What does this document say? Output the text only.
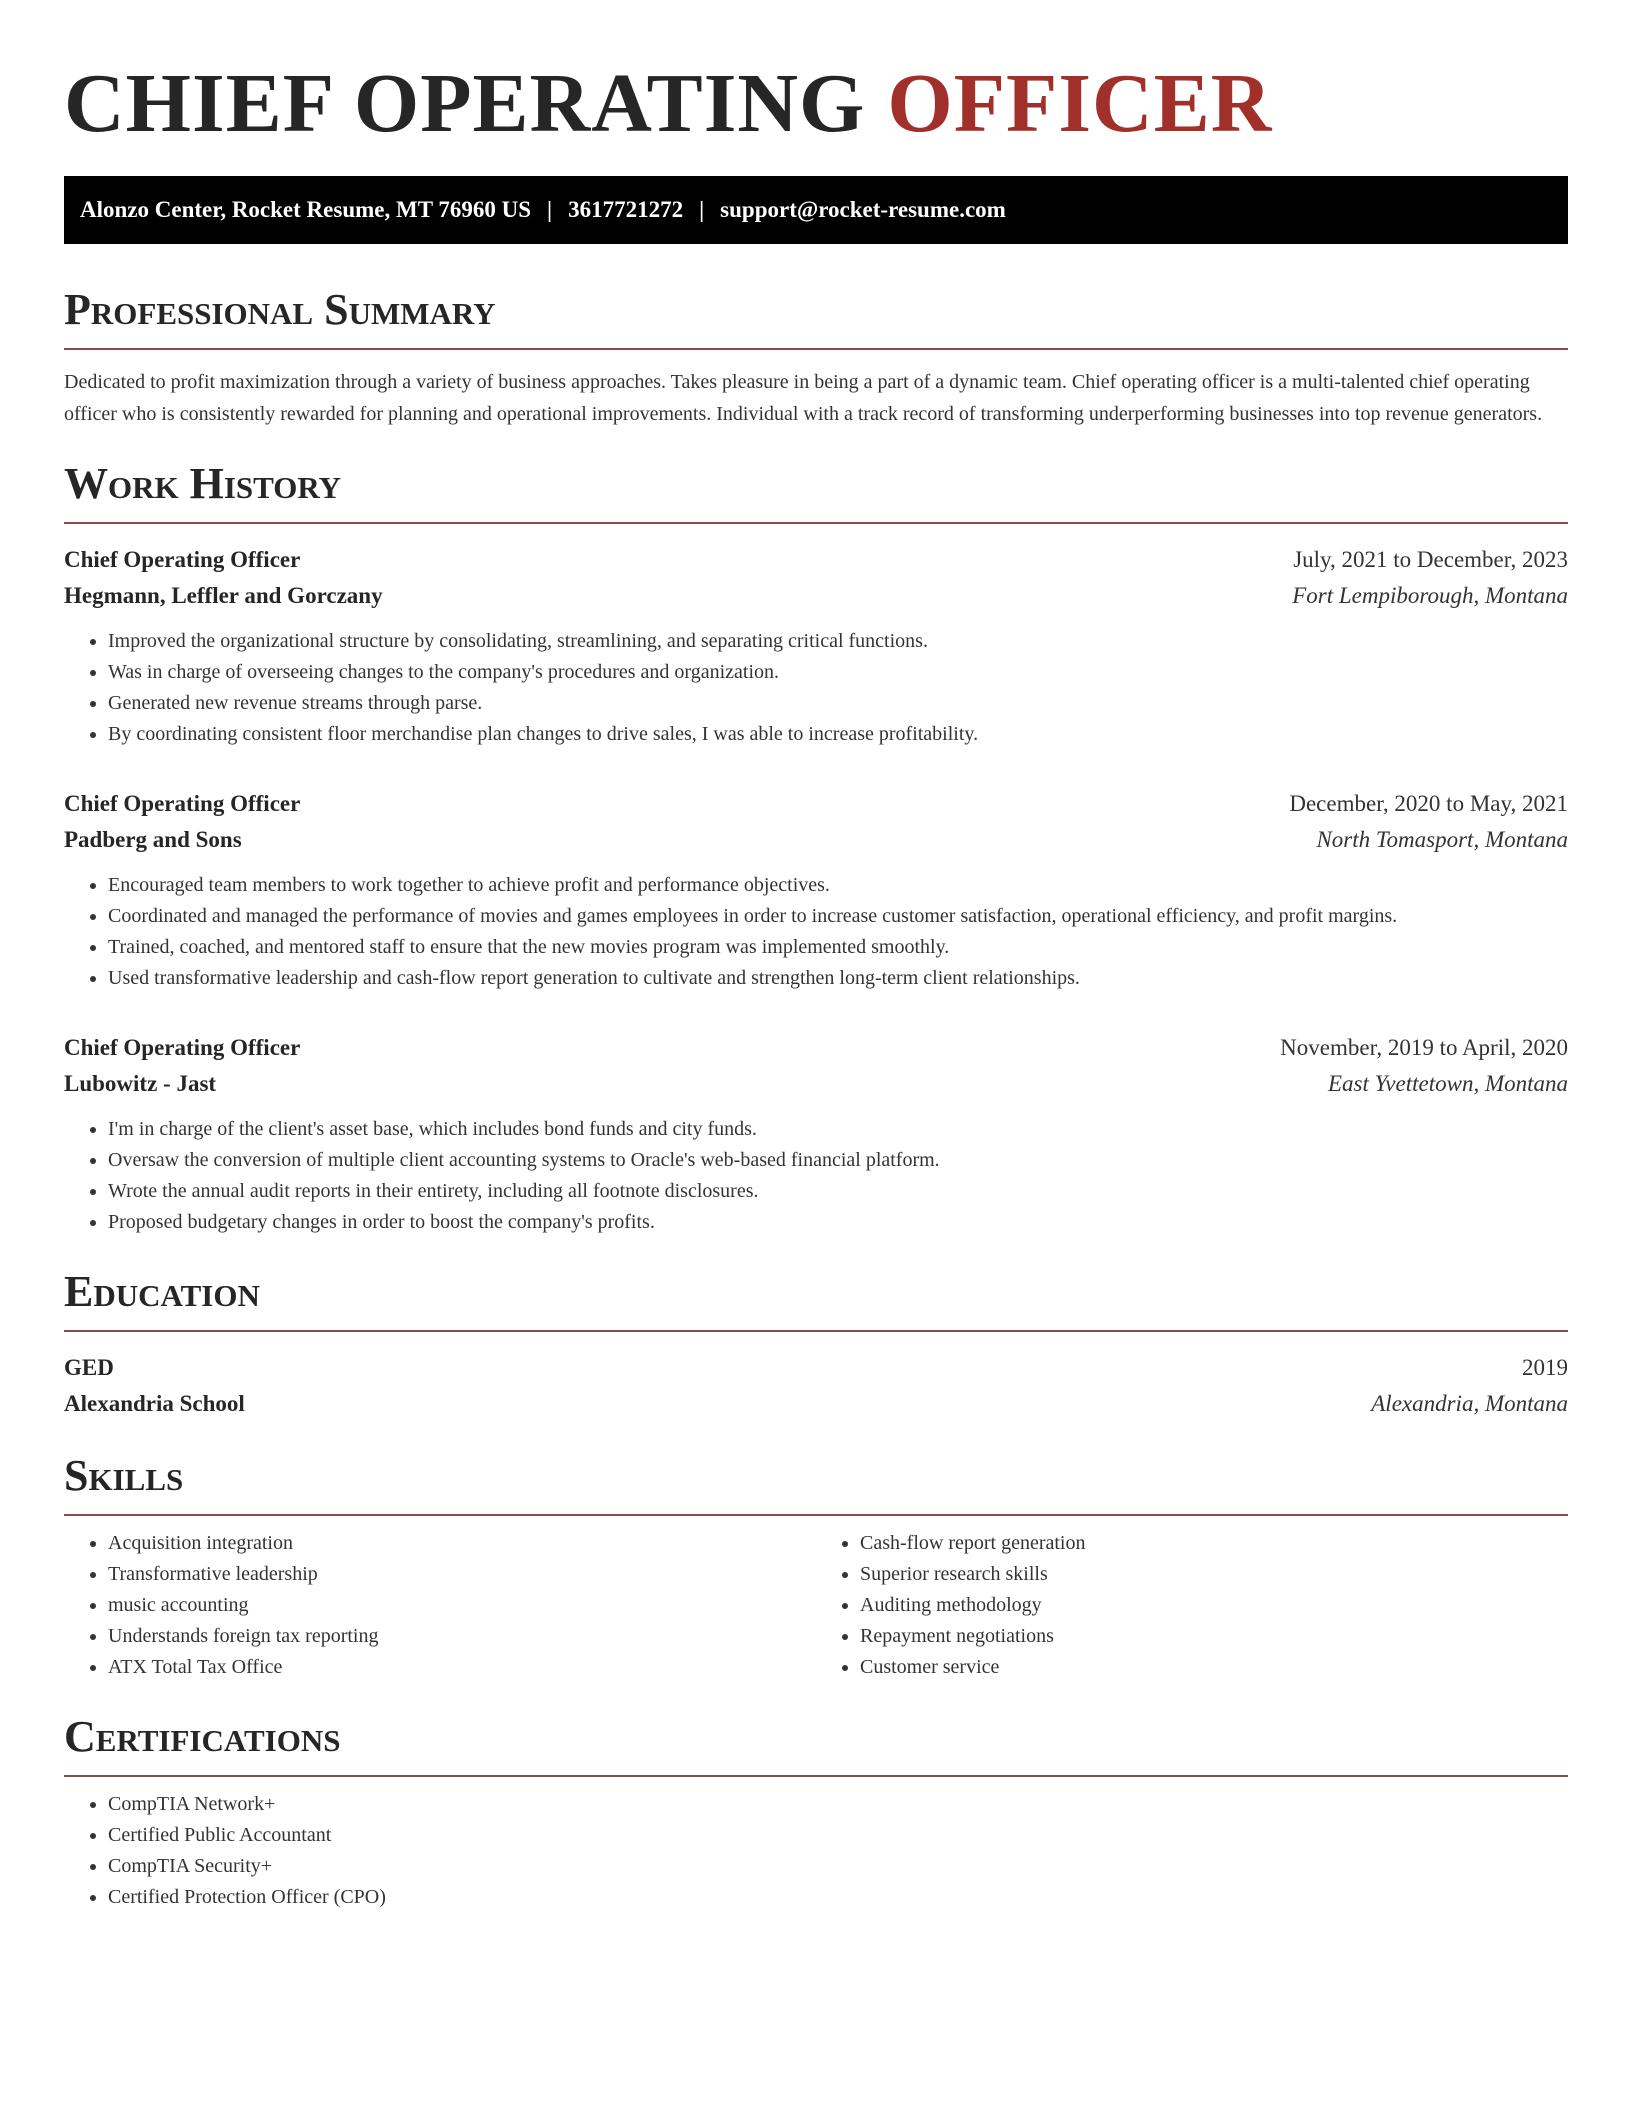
CHIEF OPERATING OFFICER
Alonzo Center, Rocket Resume, MT 76960 US | 3617721272 | support@rocket-resume.com
Professional Summary

Dedicated to profit maximization through a variety of business approaches. Takes pleasure in being a part of a dynamic team. Chief operating officer is a multi-talented chief operating officer who is consistently rewarded for planning and operational improvements. Individual with a track record of transforming underperforming businesses into top revenue generators.

Work History
Chief Operating Officer	July, 2021 to December, 2023
Hegmann, Leffler and Gorczany	Fort Lempiborough, Montana
• Improved the organizational structure by consolidating, streamlining, and separating critical functions.
• Was in charge of overseeing changes to the company's procedures and organization.
• Generated new revenue streams through parse.
• By coordinating consistent floor merchandise plan changes to drive sales, I was able to increase profitability.
Chief Operating Officer	December, 2020 to May, 2021
Padberg and Sons	North Tomasport, Montana
• Encouraged team members to work together to achieve profit and performance objectives.
• Coordinated and managed the performance of movies and games employees in order to increase customer satisfaction, operational efficiency, and profit margins.
• Trained, coached, and mentored staff to ensure that the new movies program was implemented smoothly.
• Used transformative leadership and cash-flow report generation to cultivate and strengthen long-term client relationships.
Chief Operating Officer	November, 2019 to April, 2020
Lubowitz - Jast	East Yvettetown, Montana
• I'm in charge of the client's asset base, which includes bond funds and city funds.
• Oversaw the conversion of multiple client accounting systems to Oracle's web-based financial platform.
• Wrote the annual audit reports in their entirety, including all footnote disclosures.
• Proposed budgetary changes in order to boost the company's profits.
Education
GED	2019
Alexandria School	Alexandria, Montana
Skills
• Acquisition integration
• Transformative leadership
• music accounting
• Understands foreign tax reporting
• ATX Total Tax Office
• Cash-flow report generation
• Superior research skills
• Auditing methodology
• Repayment negotiations
• Customer service
Certifications
• CompTIA Network+
• Certified Public Accountant
• CompTIA Security+
• Certified Protection Officer (CPO)
